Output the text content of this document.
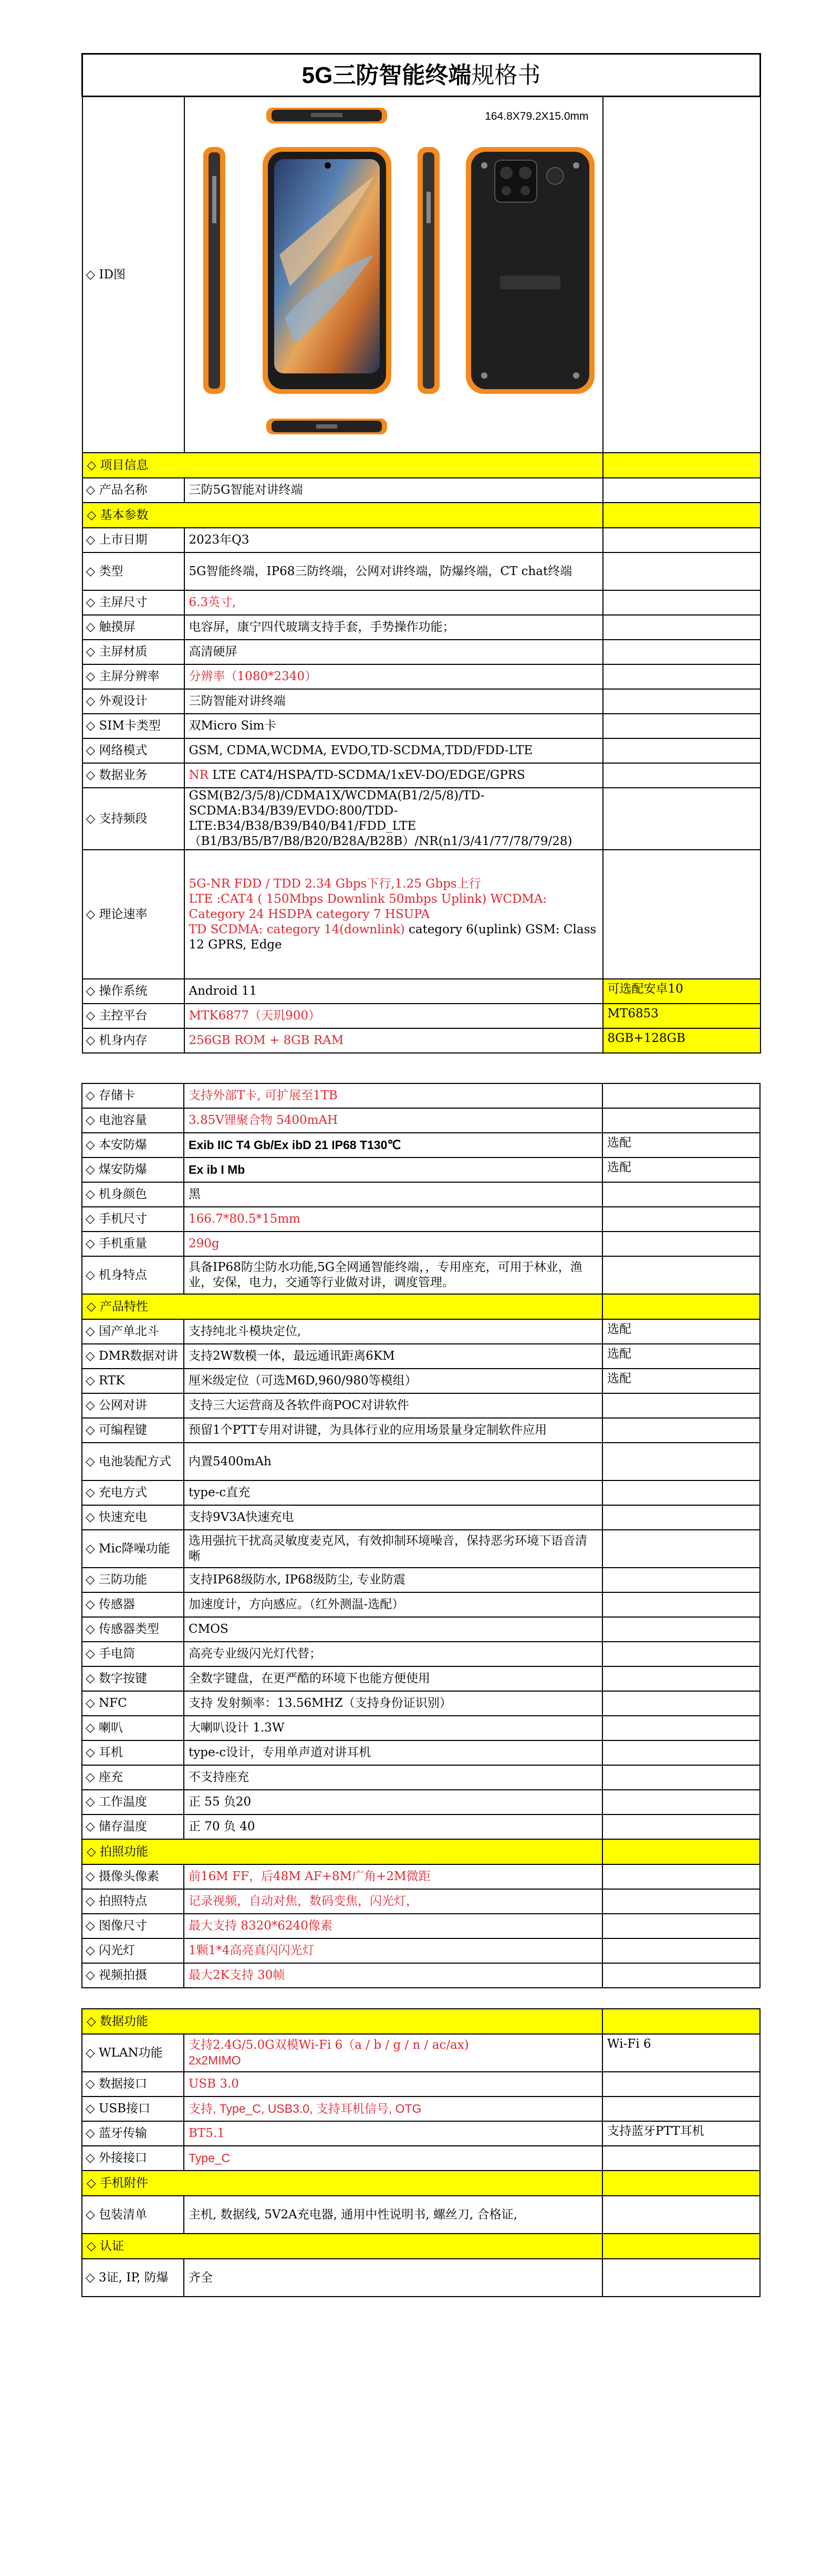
5G三防智能终端规格书		
◇ ID图	164.8X79.2X15.0mm	

◇ 项目信息		
◇ 产品名称	三防5G智能对讲终端	
◇ 基本参数		
◇ 上市日期	2023年Q3	
◇ 类型	5G智能终端，IP68三防终端，公网对讲终端，防爆终端，CT chat终端	
◇ 主屏尺寸	6.3英寸,	
◇ 触摸屏	电容屏，康宁四代玻璃支持手套，手势操作功能；	
◇ 主屏材质	高清硬屏	
◇ 主屏分辨率	分辨率（1080*2340）	
◇ 外观设计	三防智能对讲终端	
◇ SIM卡类型	双Micro Sim卡	
◇ 网络模式	GSM, CDMA,WCDMA, EVDO,TD-SCDMA,TDD/FDD-LTE	
◇ 数据业务	NR LTE CAT4/HSPA/TD-SCDMA/1xEV-DO/EDGE/GPRS	
◇ 支持频段	GSM(B2/3/5/8)/CDMA1X/WCDMA(B1/2/5/8)/TD-SCDMA:B34/B39/EVDO:800/TDD-LTE:B34/B38/B39/B40/B41/FDD_LTE（B1/B3/B5/B7/B8/B20/B28A/B28B）/NR(n1/3/41/77/78/79/28)	
◇ 理论速率	5G-NR FDD / TDD 2.34 Gbps下行,1.25 Gbps上行
LTE :CAT4 ( 150Mbps Downlink 50mbps Uplink) WCDMA: Category 24 HSDPA category 7 HSUPA
TD SCDMA: category 14(downlink) category 6(uplink) GSM: Class 12 GPRS, Edge	

◇ 操作系统	Android 11	可选配安卓10
◇ 主控平台	MTK6877（天玑900）	MT6853
◇ 机身内存	256GB ROM + 8GB RAM	8GB+128GB
◇ 存储卡	支持外部T卡, 可扩展至1TB	
◇ 电池容量	3.85V锂聚合物 5400mAH	
◇ 本安防爆	Exib IIC T4 Gb/Ex ibD 21 IP68 T130℃	选配
◇ 煤安防爆	Ex ib I Mb	选配
◇ 机身颜色	黑	
◇ 手机尺寸	166.7*80.5*15mm	
◇ 手机重量	290g	
◇ 机身特点	具备IP68防尘防水功能,5G全网通智能终端，，专用座充，可用于林业，渔业，安保，电力，交通等行业做对讲，调度管理。	
◇ 产品特性		
◇ 国产单北斗	支持纯北斗模块定位,	选配
◇ DMR数据对讲	支持2W数模一体，最远通讯距离6KM	选配
◇ RTK	厘米级定位（可选M6D,960/980等模组）	选配
◇ 公网对讲	支持三大运营商及各软件商POC对讲软件	
◇ 可编程键	预留1个PTT专用对讲键，为具体行业的应用场景量身定制软件应用	
◇ 电池装配方式	内置5400mAh	
◇ 充电方式	type-c直充	
◇ 快速充电	支持9V3A快速充电	
◇ Mic降噪功能	选用强抗干扰高灵敏度麦克风，有效抑制环境噪音，保持恶劣环境下语音清晰	
◇ 三防功能	支持IP68级防水, IP68级防尘, 专业防震	
◇ 传感器	加速度计，方向感应。（红外测温-选配）	
◇ 传感器类型	CMOS	
◇ 手电筒	高亮专业级闪光灯代替；	
◇ 数字按键	全数字键盘，在更严酷的环境下也能方便使用	
◇ NFC	支持 发射频率：13.56MHZ（支持身份证识别）	
◇ 喇叭	大喇叭设计 1.3W	
◇ 耳机	type-c设计，专用单声道对讲耳机	
◇ 座充	不支持座充	
◇ 工作温度	正 55 负20	
◇ 储存温度	正 70 负 40	
◇ 拍照功能		
◇ 摄像头像素	前16M FF，后48M AF+8M广角+2M微距	
◇ 拍照特点	记录视频，自动对焦，数码变焦，闪光灯，	
◇ 图像尺寸	最大支持 8320*6240像素	
◇ 闪光灯	1颗1*4高亮真闪闪光灯	
◇ 视频拍摄	最大2K支持 30帧	
◇ 数据功能		
◇ WLAN功能	支持2.4G/5.0G双模Wi-Fi 6（a / b / g / n / ac/ax)
2x2MIMO	Wi-Fi 6
◇ 数据接口	USB 3.0	
◇ USB接口	支持, Type_C, USB3.0, 支持耳机信号, OTG	
◇ 蓝牙传输	BT5.1	支持蓝牙PTT耳机
◇ 外接接口	Type_C	
◇ 手机附件		
◇ 包装清单	主机, 数据线, 5V2A充电器, 通用中性说明书, 螺丝刀, 合格证,	
◇ 认证		
◇ 3证, IP, 防爆	齐全	
